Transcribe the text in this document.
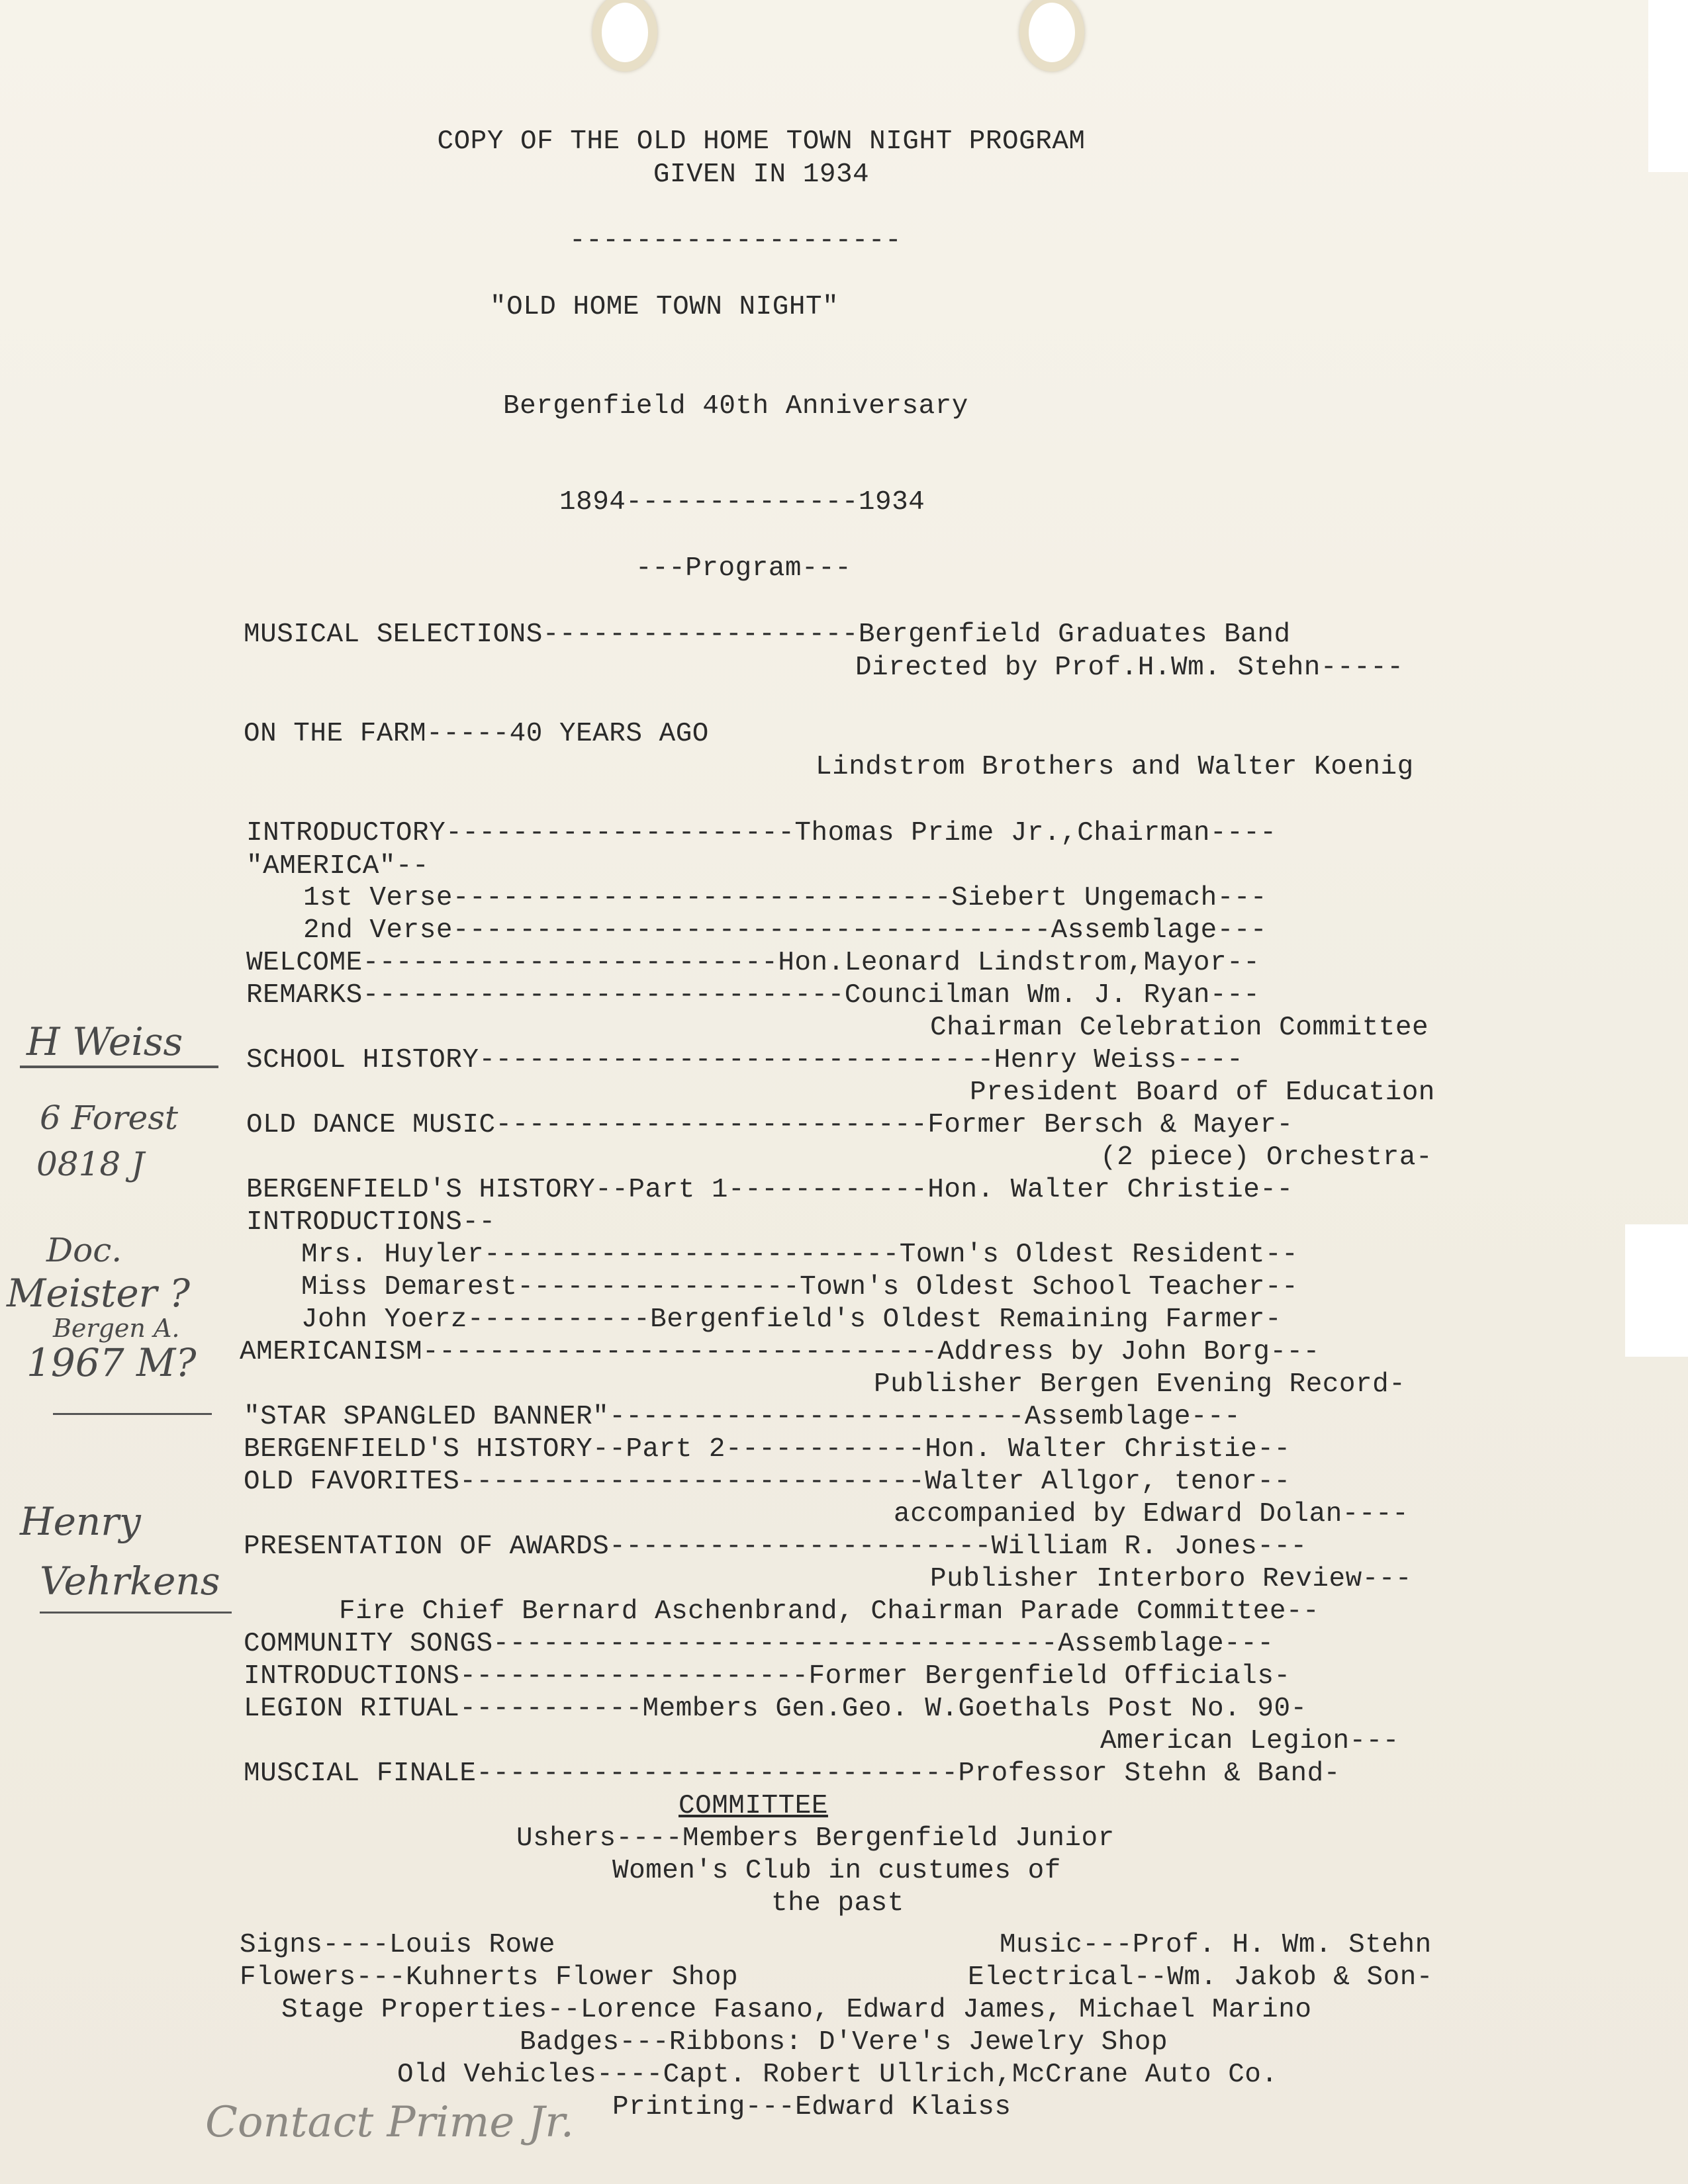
COPY OF THE OLD HOME TOWN NIGHT PROGRAM
GIVEN IN 1934
--------------------
"OLD HOME TOWN NIGHT"
Bergenfield 40th Anniversary
1894--------------1934
---Program---
MUSICAL SELECTIONS-------------------Bergenfield Graduates Band
Directed by Prof.H.Wm. Stehn-----
ON THE FARM-----40 YEARS AGO
Lindstrom Brothers and Walter Koenig
INTRODUCTORY---------------------Thomas Prime Jr.,Chairman----
"AMERICA"--
1st Verse------------------------------Siebert Ungemach---
2nd Verse------------------------------------Assemblage---
WELCOME-------------------------Hon.Leonard Lindstrom,Mayor--
REMARKS-----------------------------Councilman Wm. J. Ryan---
Chairman Celebration Committee
SCHOOL HISTORY-------------------------------Henry Weiss----
President Board of Education
OLD DANCE MUSIC--------------------------Former Bersch & Mayer-
(2 piece) Orchestra-
BERGENFIELD'S HISTORY--Part 1------------Hon. Walter Christie--
INTRODUCTIONS--
Mrs. Huyler-------------------------Town's Oldest Resident--
Miss Demarest-----------------Town's Oldest School Teacher--
John Yoerz-----------Bergenfield's Oldest Remaining Farmer-
AMERICANISM-------------------------------Address by John Borg---
Publisher Bergen Evening Record-
"STAR SPANGLED BANNER"-------------------------Assemblage---
BERGENFIELD'S HISTORY--Part 2------------Hon. Walter Christie--
OLD FAVORITES----------------------------Walter Allgor, tenor--
accompanied by Edward Dolan----
PRESENTATION OF AWARDS-----------------------William R. Jones---
Publisher Interboro Review---
Fire Chief Bernard Aschenbrand, Chairman Parade Committee--
COMMUNITY SONGS----------------------------------Assemblage---
INTRODUCTIONS---------------------Former Bergenfield Officials-
LEGION RITUAL-----------Members Gen.Geo. W.Goethals Post No. 90-
American Legion---
MUSCIAL FINALE-----------------------------Professor Stehn & Band-
COMMITTEE
Ushers----Members Bergenfield Junior
Women's Club in custumes of
the past
Signs----Louis Rowe	Music---Prof. H. Wm. Stehn
Flowers---Kuhnerts Flower Shop	Electrical--Wm. Jakob & Son-
Stage Properties--Lorence Fasano, Edward James, Michael Marino
Badges---Ribbons: D'Vere's Jewelry Shop
Old Vehicles----Capt. Robert Ullrich,McCrane Auto Co.
Printing---Edward Klaiss
H Weiss
6 Forest
0818 J
Doc.
Meister ?
Bergen A.
1967 M?
Henry
Vehrkens
Contact Prime Jr.
